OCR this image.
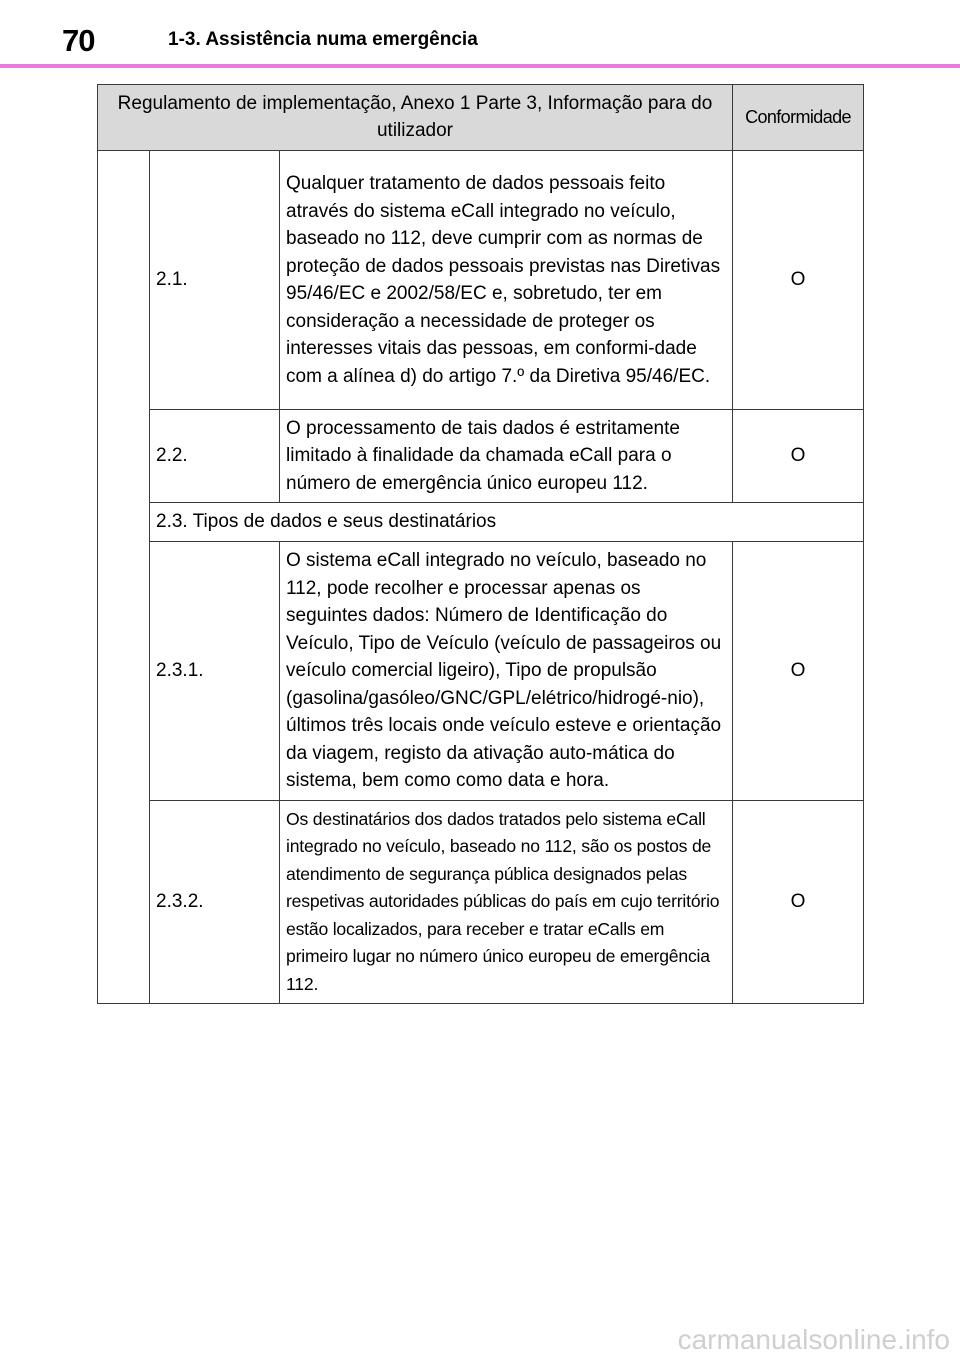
70	1-3. Assistência numa emergência
Regulamento de implementação, Anexo 1 Parte 3, Informação para do utilizador			Conformidade
	2.1.	Qualquer tratamento de dados pessoais feito através do sistema eCall integrado no veículo, baseado no 112, deve cumprir com as normas de proteção de dados pessoais previstas nas Diretivas 95/46/EC e 2002/58/EC e, sobretudo, ter em consideração a necessidade de proteger os interesses vitais das pessoas, em conformi-dade com a alínea d) do artigo 7.º da Diretiva 95/46/EC.	O
	2.2.	O processamento de tais dados é estritamente limitado à finalidade da chamada eCall para o número de emergência único europeu 112.	O
	2.3. Tipos de dados e seus destinatários		
	2.3.1.	O sistema eCall integrado no veículo, baseado no 112, pode recolher e processar apenas os seguintes dados: Número de Identificação do Veículo, Tipo de Veículo (veículo de passageiros ou veículo comercial ligeiro), Tipo de propulsão (gasolina/gasóleo/GNC/GPL/elétrico/hidrogé-nio), últimos três locais onde veículo esteve e orientação da viagem, registo da ativação auto-mática do sistema, bem como como data e hora.	O
	2.3.2.	Os destinatários dos dados tratados pelo sistema eCall integrado no veículo, baseado no 112, são os postos de atendimento de segurança pública designados pelas respetivas autoridades públicas do país em cujo território estão localizados, para receber e tratar eCalls em primeiro lugar no número único europeu de emergência 112.	O
carmanualsonline.info
